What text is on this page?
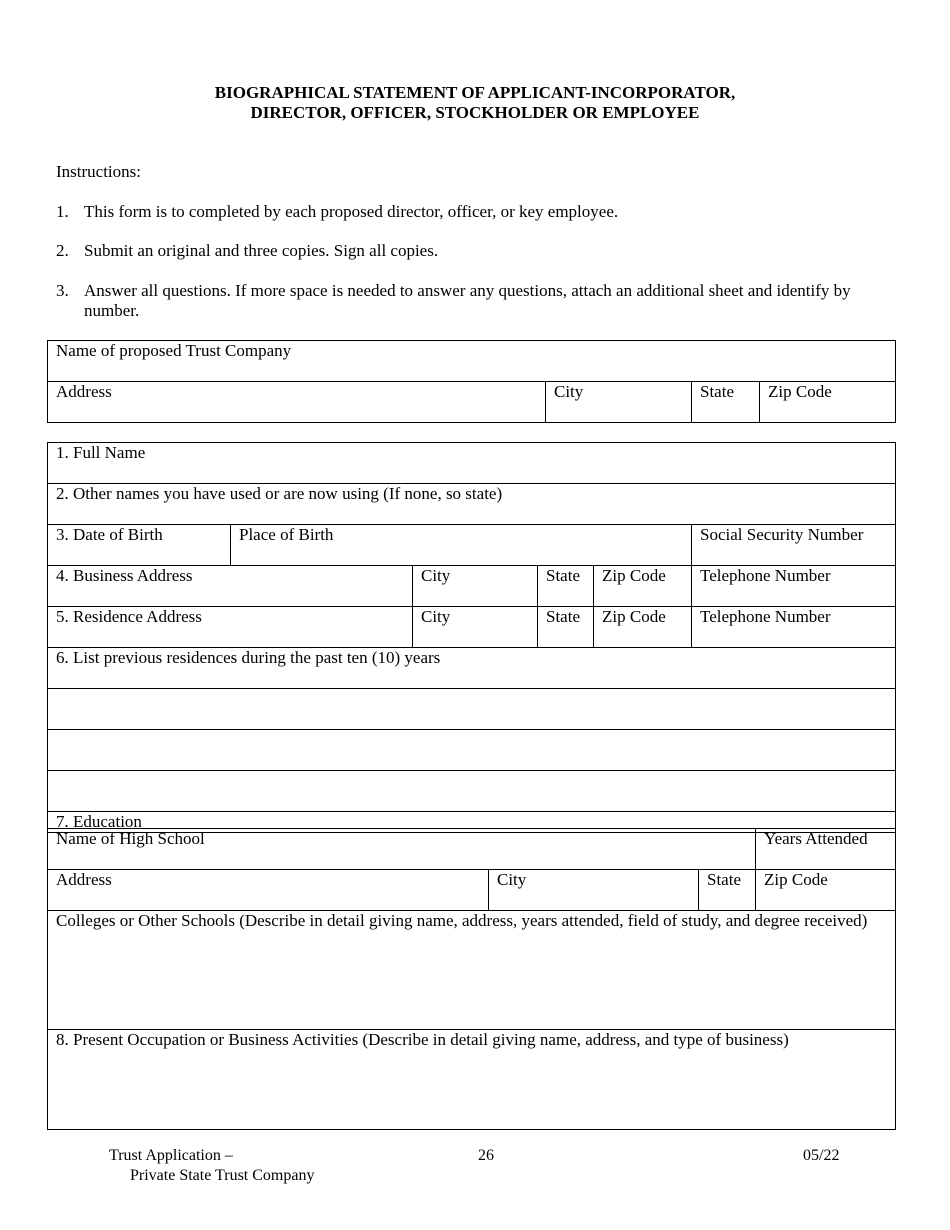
BIOGRAPHICAL STATEMENT OF APPLICANT-INCORPORATOR,
DIRECTOR, OFFICER, STOCKHOLDER OR EMPLOYEE
Instructions:
1. This form is to completed by each proposed director, officer, or key employee.
2. Submit an original and three copies. Sign all copies.
3. Answer all questions. If more space is needed to answer any questions, attach an additional sheet and identify by number.
Name of proposed Trust Company
Address	City	State	Zip Code
1. Full Name					
2. Other names you have used or are now using (If none, so state)					
3. Date of Birth	Place of Birth				Social Security Number
4. Business Address		City	State	Zip Code	Telephone Number
5. Residence Address		City	State	Zip Code	Telephone Number
6. List previous residences during the past ten (10) years					

7. Education					
Name of High School			Years Attended
Address	City	State	Zip Code
Colleges or Other Schools (Describe in detail giving name, address, years attended, field of study, and degree received)			
8. Present Occupation or Business Activities (Describe in detail giving name, address, and type of business)			
Trust Application –
Private State Trust Company
26	05/22
